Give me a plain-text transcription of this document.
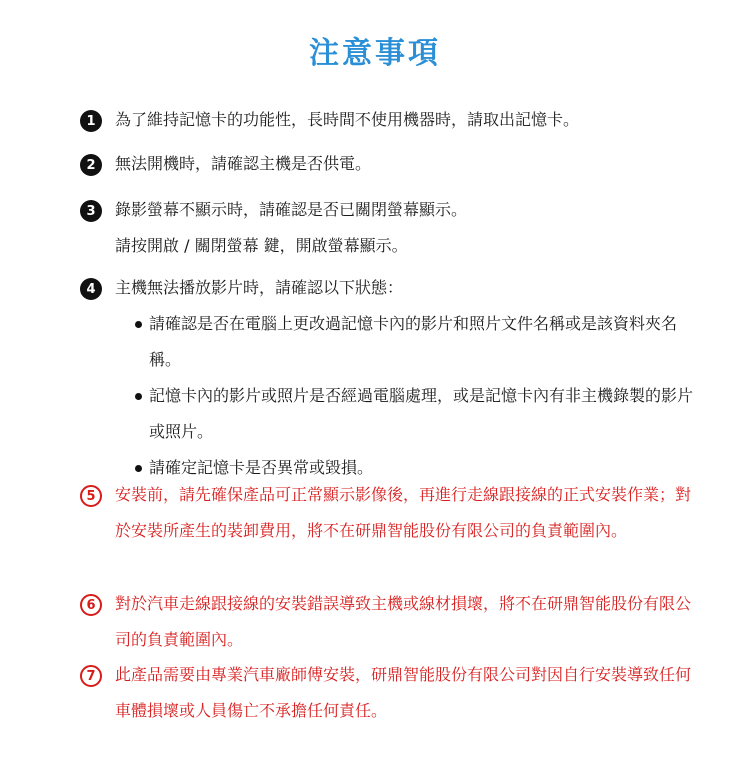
注意事項
1	為了維持記憶卡的功能性，長時間不使用機器時，請取出記憶卡。

2	無法開機時，請確認主機是否供電。

3	錄影螢幕不顯示時，請確認是否已關閉螢幕顯示。

請按開啟 / 關閉螢幕 鍵，開啟螢幕顯示。

4	主機無法播放影片時，請確認以下狀態：

請確認是否在電腦上更改過記憶卡內的影片和照片文件名稱或是該資料夾名稱。
記憶卡內的影片或照片是否經過電腦處理，或是記憶卡內有非主機錄製的影片或照片。
請確定記憶卡是否異常或毀損。
5	安裝前，請先確保產品可正常顯示影像後，再進行走線跟接線的正式安裝作業；對於安裝所產生的裝卸費用，將不在研鼎智能股份有限公司的負責範圍內。
6	對於汽車走線跟接線的安裝錯誤導致主機或線材損壞，將不在研鼎智能股份有限公司的負責範圍內。
7	此產品需要由專業汽車廠師傅安裝，研鼎智能股份有限公司對因自行安裝導致任何車體損壞或人員傷亡不承擔任何責任。
